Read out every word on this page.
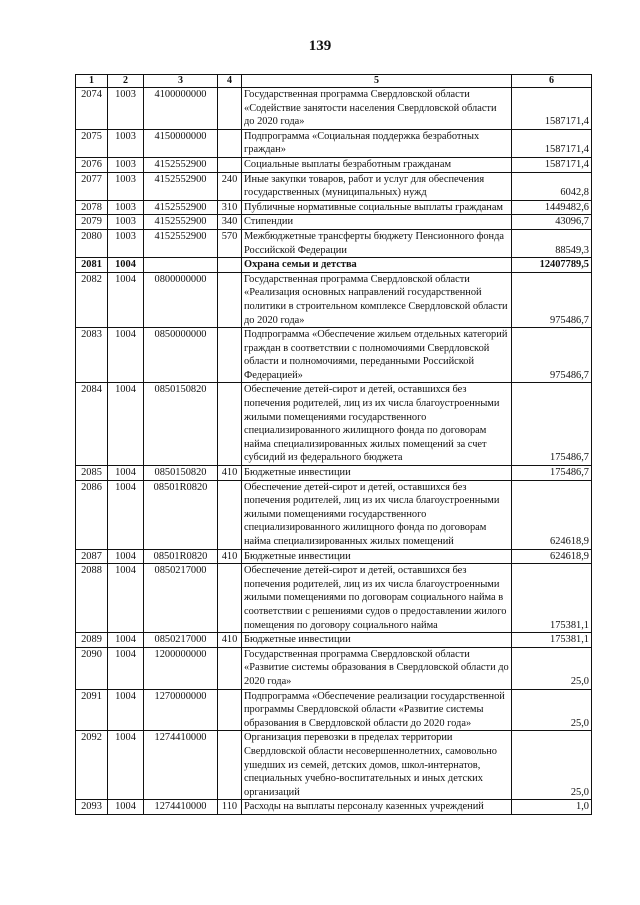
139
1	2	3	4	5	6
2074	1003	4100000000		Государственная программа Свердловской области «Содействие занятости населения Свердловской области до 2020 года»	1587171,4
2075	1003	4150000000		Подпрограмма «Социальная поддержка безработных граждан»	1587171,4
2076	1003	4152552900		Социальные выплаты безработным гражданам	1587171,4
2077	1003	4152552900	240	Иные закупки товаров, работ и услуг для обеспечения государственных (муниципальных) нужд	6042,8
2078	1003	4152552900	310	Публичные нормативные социальные выплаты гражданам	1449482,6
2079	1003	4152552900	340	Стипендии	43096,7
2080	1003	4152552900	570	Межбюджетные трансферты бюджету Пенсионного фонда Российской Федерации	88549,3
2081	1004			Охрана семьи и детства	12407789,5
2082	1004	0800000000		Государственная программа Свердловской области «Реализация основных направлений государственной политики в строительном комплексе Свердловской области до 2020 года»	975486,7
2083	1004	0850000000		Подпрограмма «Обеспечение жильем отдельных категорий граждан в соответствии с полномочиями Свердловской области и полномочиями, переданными Российской Федерацией»	975486,7
2084	1004	0850150820		Обеспечение детей-сирот и детей, оставшихся без попечения родителей, лиц из их числа благоустроенными жилыми помещениями государственного специализированного жилищного фонда по договорам найма специализированных жилых помещений за счет субсидий из федерального бюджета	175486,7
2085	1004	0850150820	410	Бюджетные инвестиции	175486,7
2086	1004	08501R0820		Обеспечение детей-сирот и детей, оставшихся без попечения родителей, лиц из их числа благоустроенными жилыми помещениями государственного специализированного жилищного фонда по договорам найма специализированных жилых помещений	624618,9
2087	1004	08501R0820	410	Бюджетные инвестиции	624618,9
2088	1004	0850217000		Обеспечение детей-сирот и детей, оставшихся без попечения родителей, лиц из их числа благоустроенными жилыми помещениями по договорам социального найма в соответствии с решениями судов о предоставлении жилого помещения по договору социального найма	175381,1
2089	1004	0850217000	410	Бюджетные инвестиции	175381,1
2090	1004	1200000000		Государственная программа Свердловской области «Развитие системы образования в Свердловской области до 2020 года»	25,0
2091	1004	1270000000		Подпрограмма «Обеспечение реализации государственной программы Свердловской области «Развитие системы образования в Свердловской области до 2020 года»	25,0
2092	1004	1274410000		Организация перевозки в пределах территории Свердловской области несовершеннолетних, самовольно ушедших из семей, детских домов, школ-интернатов, специальных учебно-воспитательных и иных детских организаций	25,0
2093	1004	1274410000	110	Расходы на выплаты персоналу казенных учреждений	1,0
